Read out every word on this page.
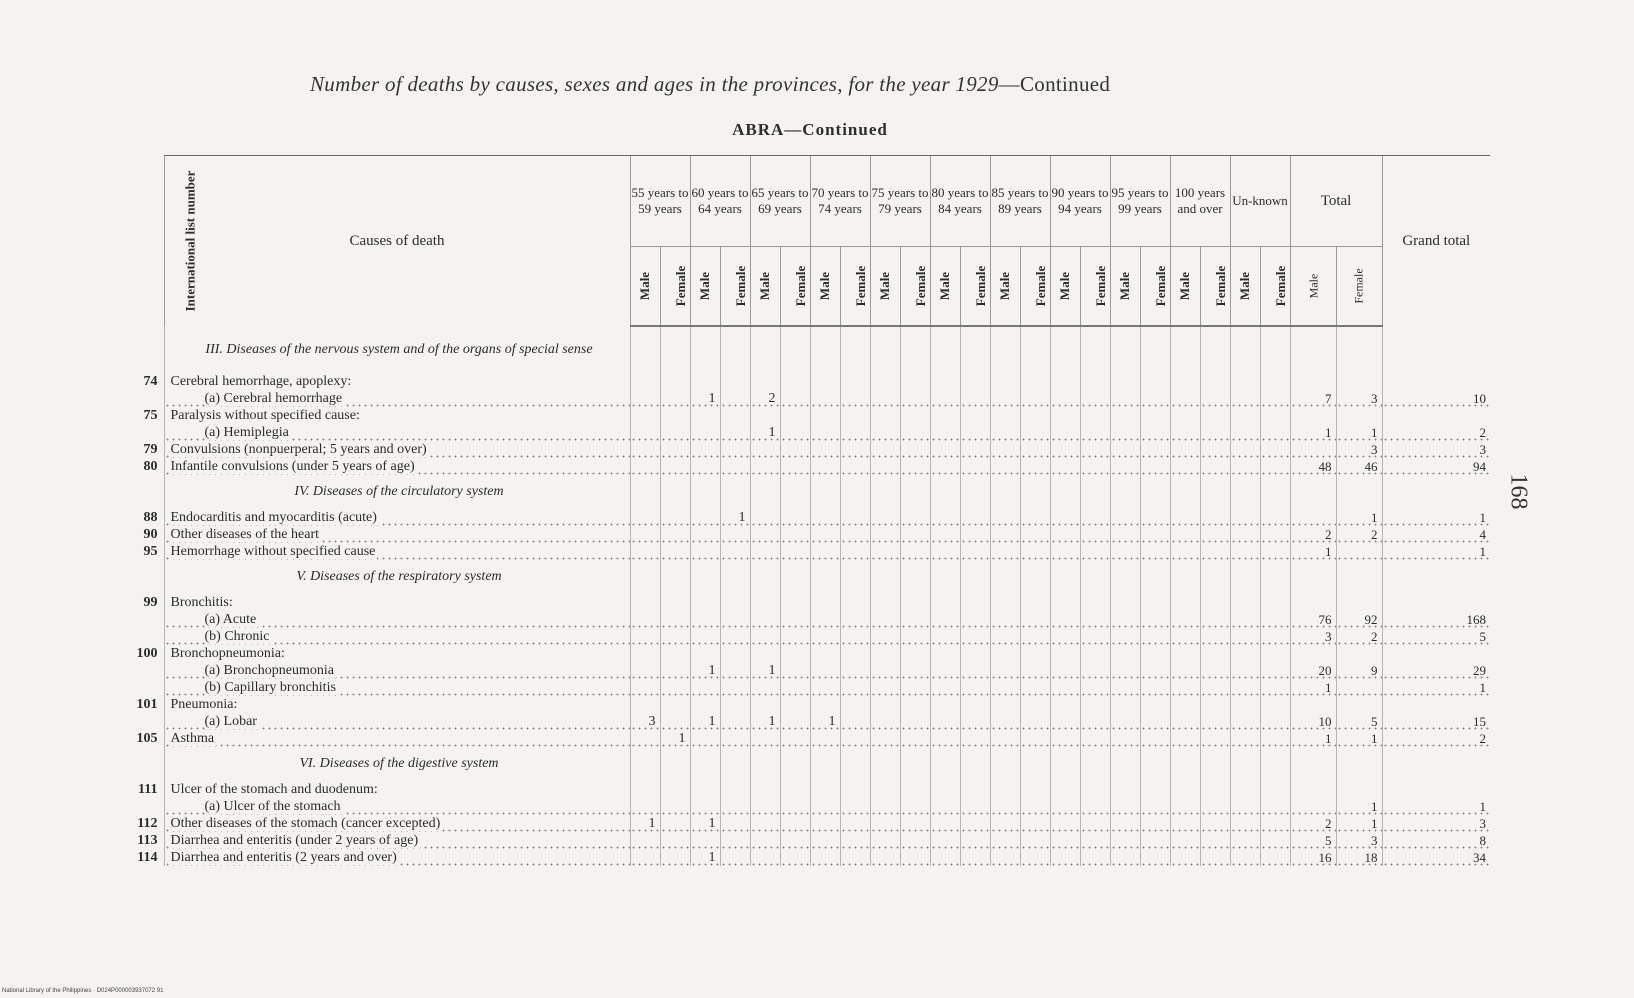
Number of deaths by causes, sexes and ages in the provinces, for the year 1929—Continued
ABRA—Continued
168
International list number	Causes of death	55 years to 59 years		60 years to 64 years		65 years to 69 years		70 years to 74 years		75 years to 79 years		80 years to 84 years		85 years to 89 years		90 years to 94 years		95 years to 99 years		100 years and over		Un-known		Total		Grand total
		Male	Female	Male	Female	Male	Female	Male	Female	Male	Female	Male	Female	Male	Female	Male	Female	Male	Female	Male	Female	Male	Female	Male	Female	
	III. Diseases of the nervous system and of the organs of special sense																									
74	Cerebral hemorrhage, apoplexy:																									
	(a) Cerebral hemorrhage			1		2																		7	3	10
75	Paralysis without specified cause:																									
	(a) Hemiplegia					1																		1	1	2
79	Convulsions (nonpuerperal; 5 years and over)																								3	3
80	Infantile convulsions (under 5 years of age)																							48	46	94
	IV. Diseases of the circulatory system																									
88	Endocarditis and myocarditis (acute)				1																				1	1
90	Other diseases of the heart																							2	2	4
95	Hemorrhage without specified cause																							1		1
	V. Diseases of the respiratory system																									
99	Bronchitis:																									
	(a) Acute																							76	92	168
	(b) Chronic																							3	2	5
100	Bronchopneumonia:																									
	(a) Bronchopneumonia			1		1																		20	9	29
	(b) Capillary bronchitis																							1		1
101	Pneumonia:																									
	(a) Lobar	3		1		1		1																10	5	15
105	Asthma		1																					1	1	2
	VI. Diseases of the digestive system																									
111	Ulcer of the stomach and duodenum:																									
	(a) Ulcer of the stomach																								1	1
112	Other diseases of the stomach (cancer excepted)	1		1																				2	1	3
113	Diarrhea and enteritis (under 2 years of age)																							5	3	8
114	Diarrhea and enteritis (2 years and over)			1																				16	18	34
National Library of the Philippines · D024P000003937072 91
